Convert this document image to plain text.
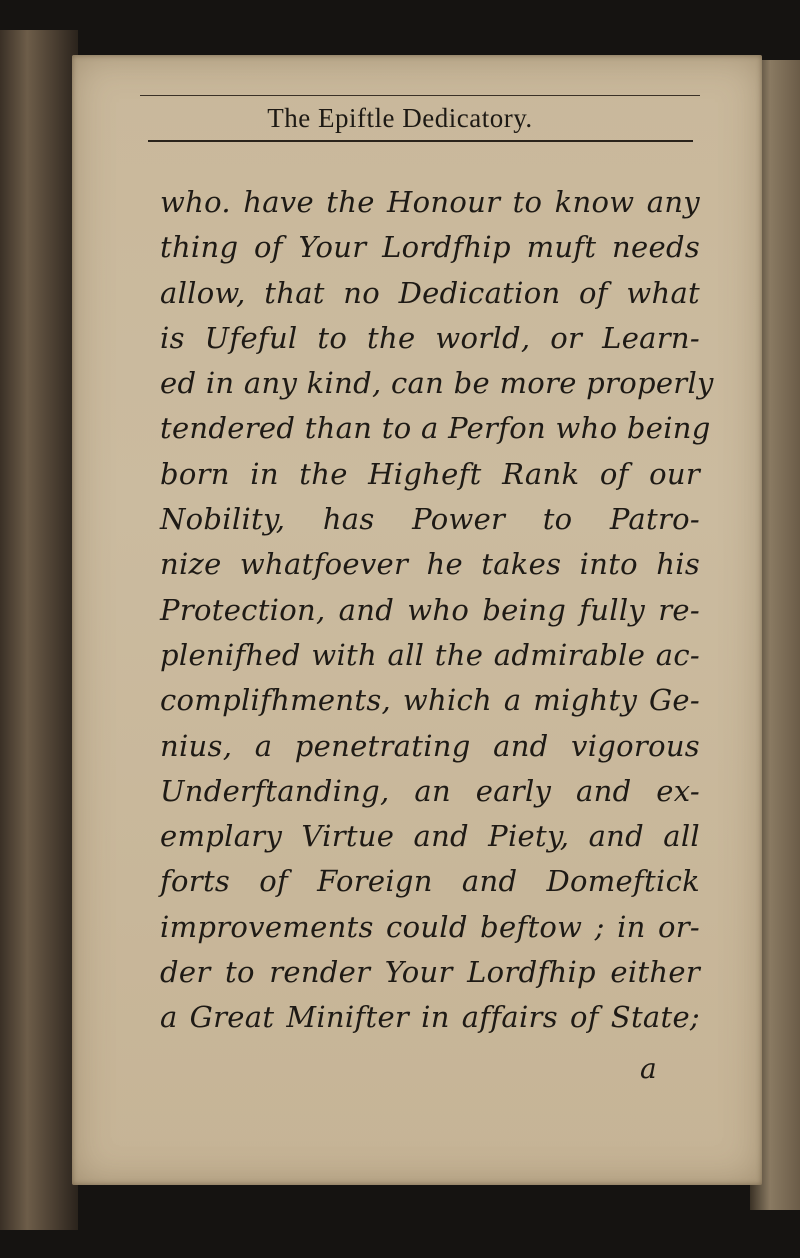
The Epiftle Dedicatory.
who. have the Honour to know any
thing of Your Lordfhip muft needs
allow, that no Dedication of what
is Ufeful to the world, or Learn-
ed in any kind, can be more properly
tendered than to a Perfon who being
born in the Higheft Rank of our
Nobility, has Power to Patro-
nize whatfoever he takes into his
Protection, and who being fully re-
plenifhed with all the admirable ac-
complifhments, which a mighty Ge-
nius, a penetrating and vigorous
Underftanding, an early and ex-
emplary Virtue and Piety, and all
forts of Foreign and Domeftick
improvements could beftow ; in or-
der to render Your Lordfhip either
a Great Minifter in affairs of State;
a
